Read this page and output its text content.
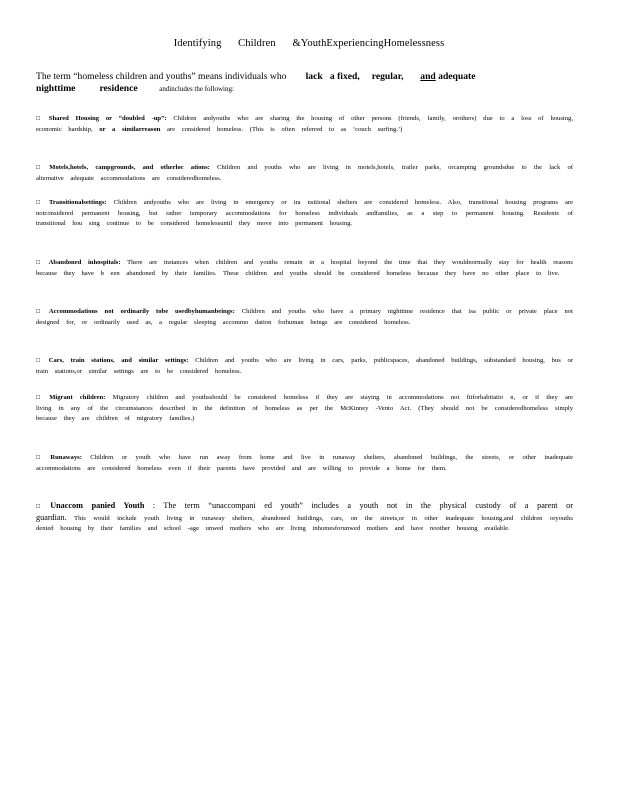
Identifying Children &YouthExperiencingHomelessness
The term “homeless children and youths” means individuals who lack a fixed, regular, and adequate
nighttime residence	andincludes the following:
□ Shared Housing or “doubled -up”: Children andyouths who are sharing the housing of other persons (friends, family, orothers) due to a loss of housing, economic hardship, or a similarreason are considered homeless. (This is often referred to as ‘couch surfing.’)
□ Motels,hotels, campgrounds, and otherloc ations: Children and youths who are living in motels,hotels, trailer parks, orcamping groundsdue to the lack of alternative adequate accommodations are consideredhomeless.
□ Transitionalsettings: Children andyouths who are living in emergency or tra nsitional shelters are considered homeless. Also, transitional housing programs are notconsidered permanent housing, but rather temporary accommodations for homeless individuals andfamilies, as a step to permanent housing. Residents of transitional hou sing continue to be considered homelessuntil they move into permanent housing.
□ Abandoned inhospitals: There are instances when children and youths remain in a hospital beyond the time that they wouldnormally stay for health reasons because they have b een abandoned by their families. These children and youths should be considered homeless because they have no other place to live.
□ Accommodations not ordinarily tobe usedbyhumanbeings: Children and youths who have a primary nighttime residence that isa public or private place not designed for, or ordinarily used as, a regular sleeping accommo dation forhuman beings are considered homeless.
□ Cars, train stations, and similar settings: Children and youths who are living in cars, parks, publicspaces, abandoned buildings, substandard housing, bus or train stations,or similar settings are to be considered homeless.
□ Migrant children: Migratory children and youthsshould be considered homeless if they are staying in accommodations not fitforhabitatio n, or if they are living in any of the circumstances described in the definition of homeless as per the McKinney -Vento Act. (They should not be consideredhomeless simply because they are children of migratory families.)
□ Runaways: Children or youth who have run away from home and live in runaway shelters, abandoned buildings, the streets, or other inadequate accommodations are considered homeless even if their parents have provided and are willing to provide a home for them.
□ Unaccom panied Youth : The term “unaccompani ed youth” includes a youth not in the physical custody of a parent or guardian. This would include youth living in runaway shelters, abandoned buildings, cars, on the streets,or in other inadequate housing,and children oryouths denied housing by their families and school -age unwed mothers who are living inhomesforunwed mothers and have noother housing available.
